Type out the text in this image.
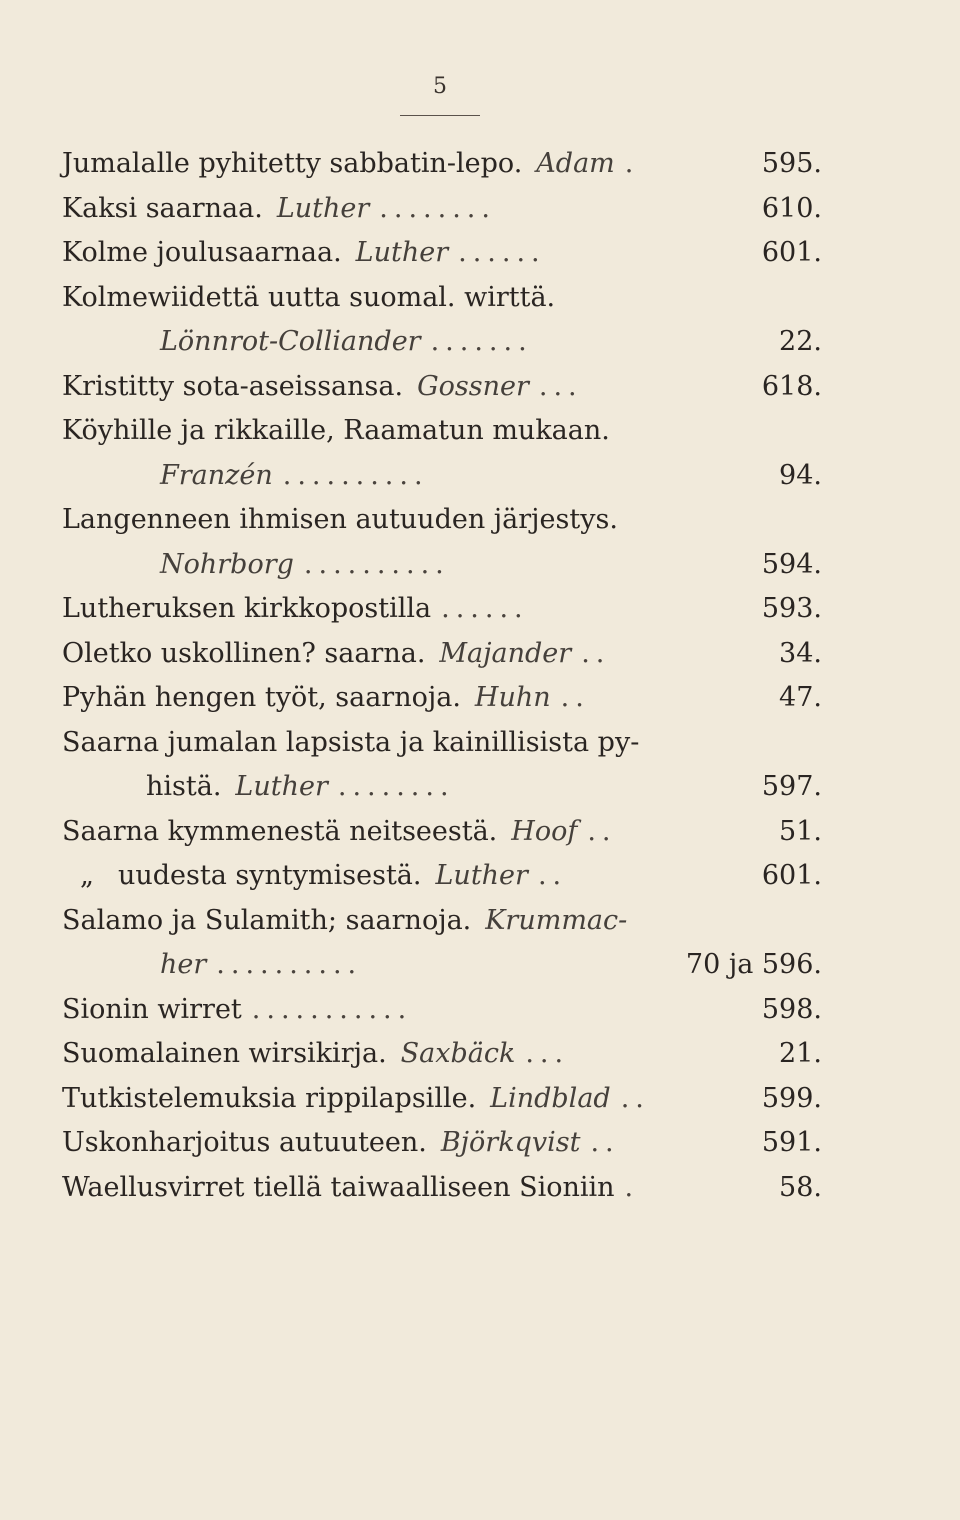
5
Jumalalle pyhitetty sabbatin-lepo. Adam .	595.
Kaksi saarnaa. Luther ........	610.
Kolme joulusaarnaa. Luther ......	601.
Kolmewiidettä uutta suomal. wirttä.
Lönnrot-Colliander .......	22.
Kristitty sota-aseissansa. Gossner ...	618.
Köyhille ja rikkaille, Raamatun mukaan.
Franzén ..........	94.
Langenneen ihmisen autuuden järjestys.
Nohrborg ..........	594.
Lutheruksen kirkkopostilla ......	593.
Oletko uskollinen? saarna. Majander ..	34.
Pyhän hengen työt, saarnoja. Huhn ..	47.
Saarna jumalan lapsista ja kainillisista py-
histä. Luther ........	597.
Saarna kymmenestä neitseestä. Hoof ..	51.
„ uudesta syntymisestä. Luther ..	601.
Salamo ja Sulamith; saarnoja. Krummac-
her ..........	70 ja 596.
Sionin wirret ...........	598.
Suomalainen wirsikirja. Saxbäck ...	21.
Tutkistelemuksia rippilapsille. Lindblad ..	599.
Uskonharjoitus autuuteen. Björkqvist ..	591.
Waellusvirret tiellä taiwaalliseen Sioniin .	58.
